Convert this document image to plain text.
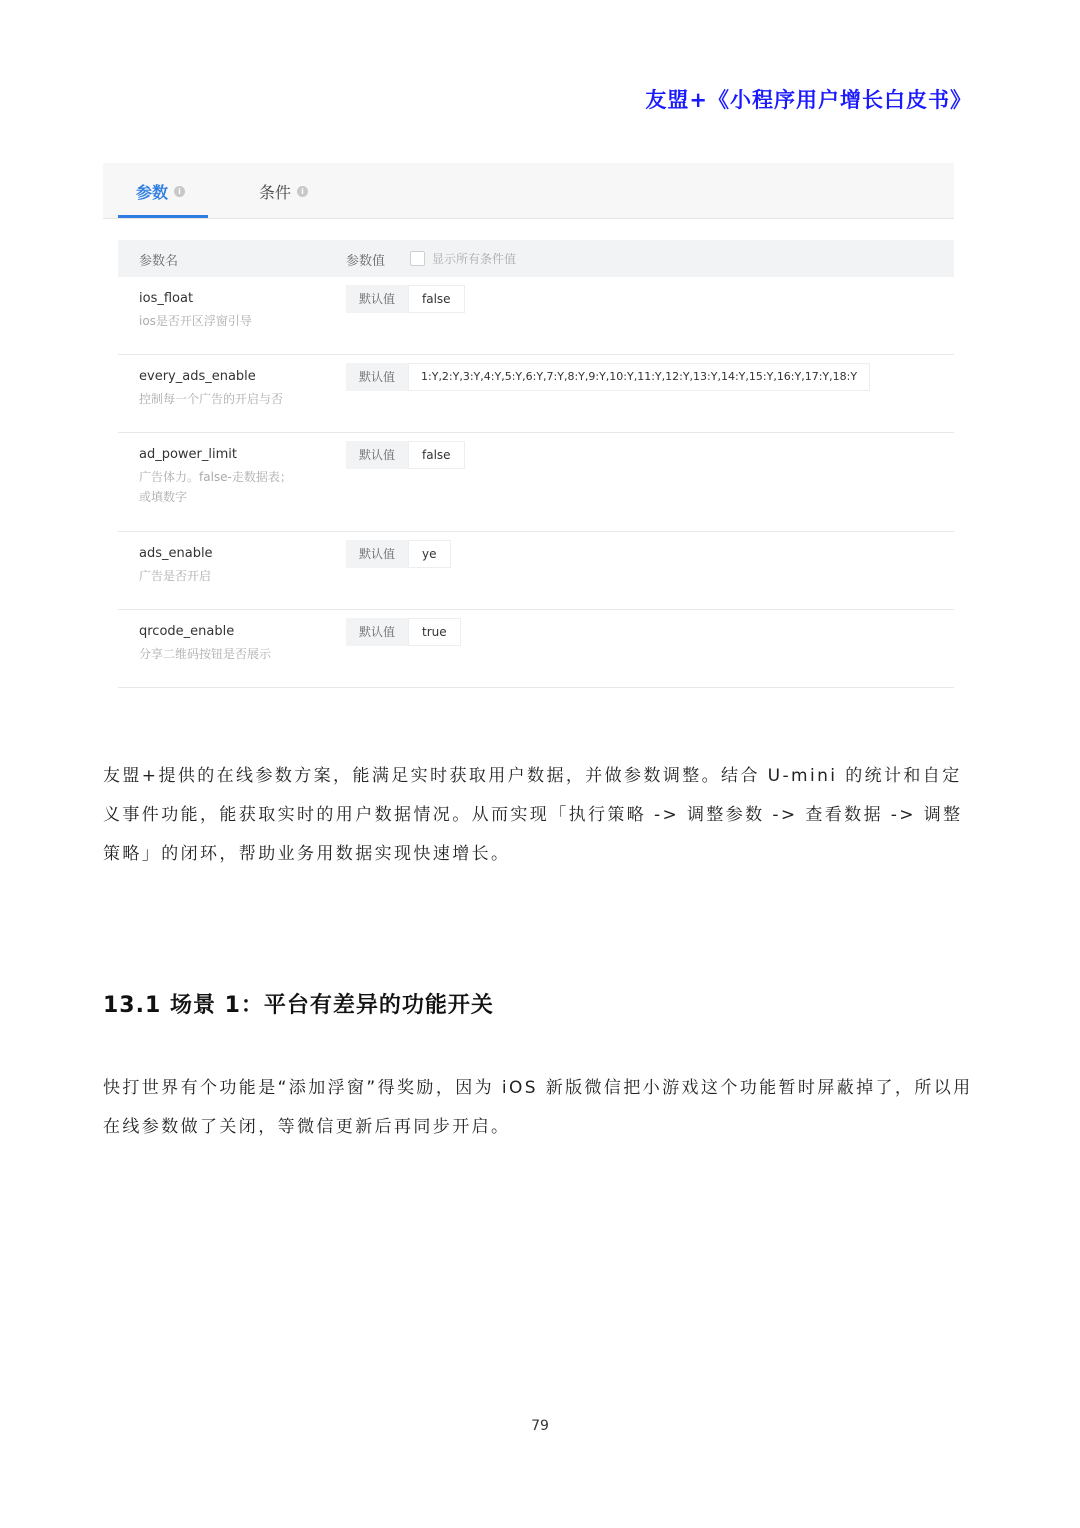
友盟+《小程序用户增长白皮书》
参数	i	条件	i
参数名	参数值	显示所有条件值
ios_float
ios是否开区浮窗引导
默认值	false
every_ads_enable
控制每一个广告的开启与否
默认值	1:Y,2:Y,3:Y,4:Y,5:Y,6:Y,7:Y,8:Y,9:Y,10:Y,11:Y,12:Y,13:Y,14:Y,15:Y,16:Y,17:Y,18:Y
ad_power_limit
广告体力。false-走数据表；或填数字
默认值	false
ads_enable
广告是否开启
默认值	ye
qrcode_enable
分享二维码按钮是否展示
默认值	true

友盟+提供的在线参数方案，能满足实时获取用户数据，并做参数调整。结合 U-mini 的统计和自定义事件功能，能获取实时的用户数据情况。从而实现「执行策略 -> 调整参数 -> 查看数据 -> 调整策略」的闭环，帮助业务用数据实现快速增长。

13.1 场景 1：平台有差异的功能开关

快打世界有个功能是“添加浮窗”得奖励，因为 iOS 新版微信把小游戏这个功能暂时屏蔽掉了，所以用在线参数做了关闭，等微信更新后再同步开启。

79
